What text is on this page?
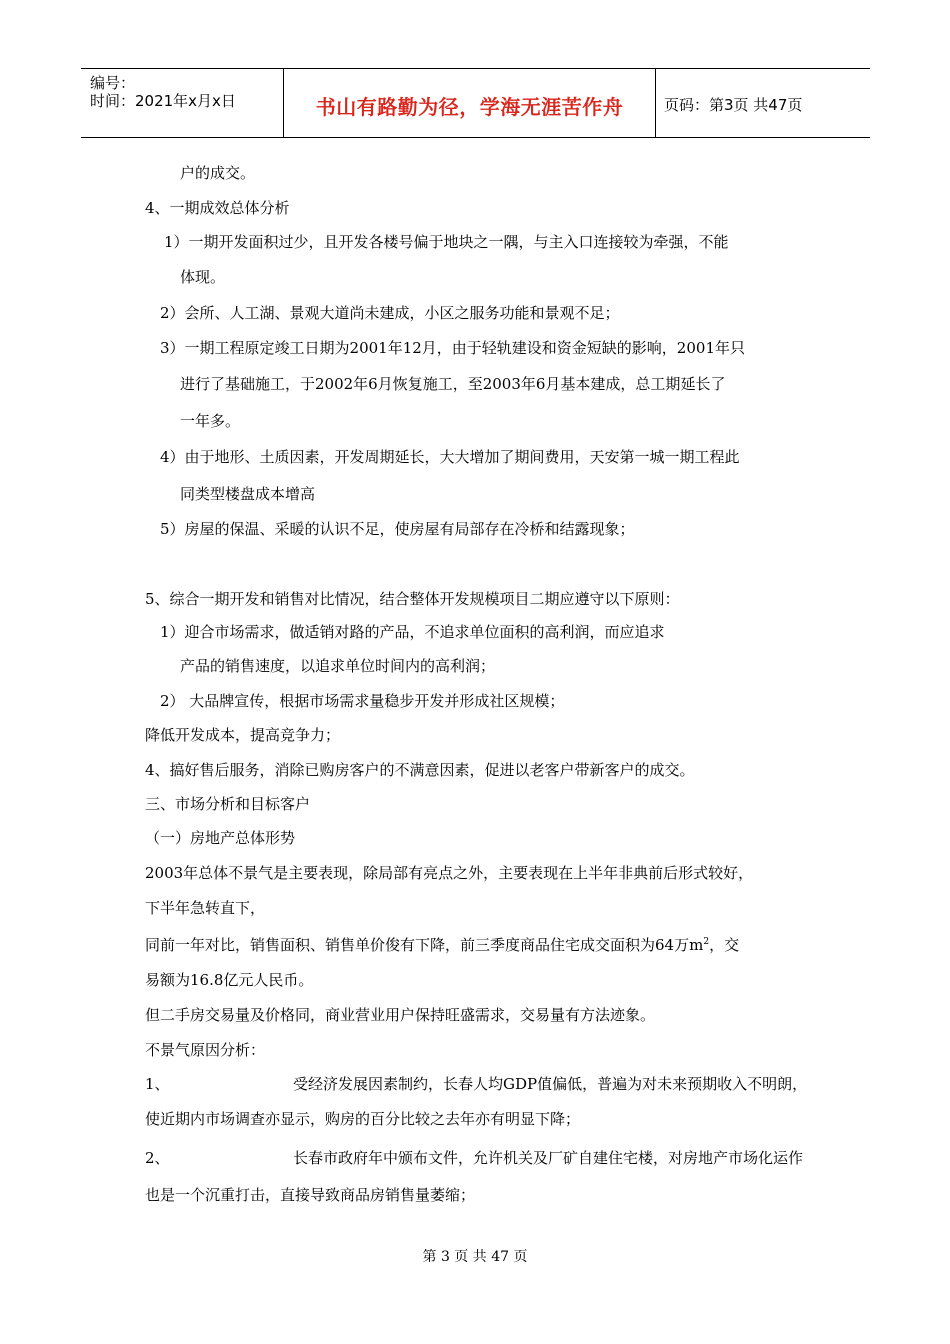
编号：
时间：2021年x月x日	书山有路勤为径，学海无涯苦作舟	页码：第3页 共47页
户的成交。
4、一期成效总体分析
1）一期开发面积过少，且开发各楼号偏于地块之一隅，与主入口连接较为牵强，不能
体现。
2）会所、人工湖、景观大道尚未建成，小区之服务功能和景观不足；
3）一期工程原定竣工日期为2001年12月，由于轻轨建设和资金短缺的影响，2001年只
进行了基础施工，于2002年6月恢复施工，至2003年6月基本建成，总工期延长了
一年多。
4）由于地形、土质因素，开发周期延长，大大增加了期间费用，天安第一城一期工程此
同类型楼盘成本增高
5）房屋的保温、采暖的认识不足，使房屋有局部存在冷桥和结露现象；
5、综合一期开发和销售对比情况，结合整体开发规模项目二期应遵守以下原则：
1）迎合市场需求，做适销对路的产品，不追求单位面积的高利润，而应追求
产品的销售速度，以追求单位时间内的高利润；
2） 大品牌宣传，根据市场需求量稳步开发并形成社区规模；
降低开发成本，提高竞争力；
4、搞好售后服务，消除已购房客户的不满意因素，促进以老客户带新客户的成交。
三、市场分析和目标客户
（一）房地产总体形势
2003年总体不景气是主要表现，除局部有亮点之外，主要表现在上半年非典前后形式较好，
下半年急转直下，
同前一年对比，销售面积、销售单价俊有下降，前三季度商品住宅成交面积为64万$m^2$，交
易额为16.8亿元人民币。
但二手房交易量及价格同，商业营业用户保持旺盛需求，交易量有方法迹象。
不景气原因分析：
1、	受经济发展因素制约，长春人均GDP值偏低，普遍为对未来预期收入不明朗，
使近期内市场调查亦显示，购房的百分比较之去年亦有明显下降；
2、	长春市政府年中颁布文件，允许机关及厂矿自建住宅楼，对房地产市场化运作
也是一个沉重打击，直接导致商品房销售量萎缩；
第 3 页 共 47 页
